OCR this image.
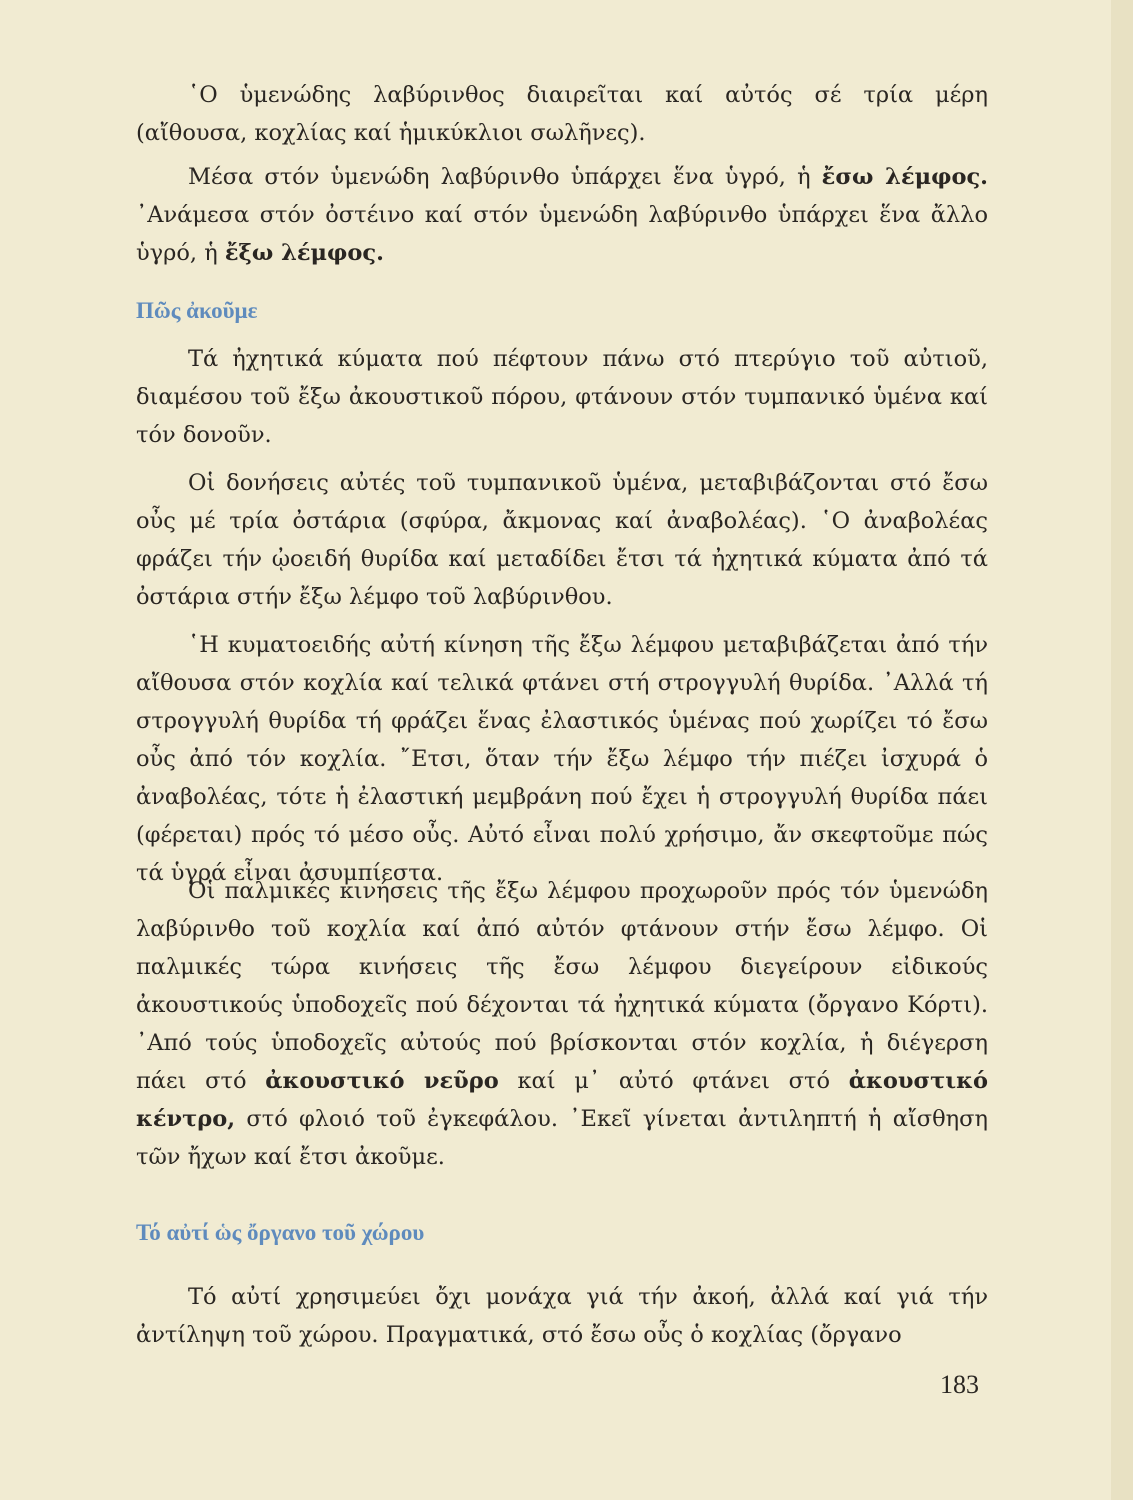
῾Ο ὑμενώδης λαβύρινθος διαιρεῖται καί αὐτός σέ τρία μέρη (αἴθουσα, κοχλίας καί ἡμικύκλιοι σωλῆνες).

Μέσα στόν ὑμενώδη λαβύρινθο ὑπάρχει ἕνα ὑγρό, ἡ ἔσω λέμφος. ᾿Ανάμεσα στόν ὀστέινο καί στόν ὑμενώδη λαβύρινθο ὑπάρχει ἕνα ἄλλο ὑγρό, ἡ ἔξω λέμφος.

Πῶς ἀκοῦμε

Τά ἠχητικά κύματα πού πέφτουν πάνω στό πτερύγιο τοῦ αὐτιοῦ, διαμέσου τοῦ ἔξω ἀκουστικοῦ πόρου, φτάνουν στόν τυμπανικό ὑμένα καί τόν δονοῦν.

Οἱ δονήσεις αὐτές τοῦ τυμπανικοῦ ὑμένα, μεταβιβάζονται στό ἔσω οὖς μέ τρία ὀστάρια (σφύρα, ἄκμονας καί ἀναβολέας). ῾Ο ἀναβολέας φράζει τήν ᾠοειδή θυρίδα καί μεταδίδει ἔτσι τά ἠχητικά κύματα ἀπό τά ὀστάρια στήν ἔξω λέμφο τοῦ λαβύρινθου.

῾Η κυματοειδής αὐτή κίνηση τῆς ἔξω λέμφου μεταβιβάζεται ἀπό τήν αἴθουσα στόν κοχλία καί τελικά φτάνει στή στρογγυλή θυρίδα. ᾿Αλλά τή στρογγυλή θυρίδα τή φράζει ἕνας ἐλαστικός ὑμένας πού χωρίζει τό ἔσω οὖς ἀπό τόν κοχλία. ῎Ετσι, ὅταν τήν ἔξω λέμφο τήν πιέζει ἰσχυρά ὁ ἀναβολέας, τότε ἡ ἐλαστική μεμβράνη πού ἔχει ἡ στρογγυλή θυρίδα πάει (φέρεται) πρός τό μέσο οὖς. Αὐτό εἶναι πολύ χρήσιμο, ἄν σκεφτοῦμε πώς τά ὑγρά εἶναι ἀσυμπίεστα.

Οἱ παλμικές κινήσεις τῆς ἔξω λέμφου προχωροῦν πρός τόν ὑμενώδη λαβύρινθο τοῦ κοχλία καί ἀπό αὐτόν φτάνουν στήν ἔσω λέμφο. Οἱ παλμικές τώρα κινήσεις τῆς ἔσω λέμφου διεγείρουν εἰδικούς ἀκουστικούς ὑποδοχεῖς πού δέχονται τά ἠχητικά κύματα (ὄργανο Κόρτι). ᾿Από τούς ὑποδοχεῖς αὐτούς πού βρίσκονται στόν κοχλία, ἡ διέγερση πάει στό ἀκουστικό νεῦρο καί μ᾿ αὐτό φτάνει στό ἀκουστικό κέντρο, στό φλοιό τοῦ ἐγκεφάλου. ᾿Εκεῖ γίνεται ἀντιληπτή ἡ αἴσθηση τῶν ἤχων καί ἔτσι ἀκοῦμε.

Τό αὐτί ὡς ὄργανο τοῦ χώρου

Τό αὐτί χρησιμεύει ὄχι μονάχα γιά τήν ἀκοή, ἀλλά καί γιά τήν ἀντίληψη τοῦ χώρου. Πραγματικά, στό ἔσω οὖς ὁ κοχλίας (ὄργανο

183
